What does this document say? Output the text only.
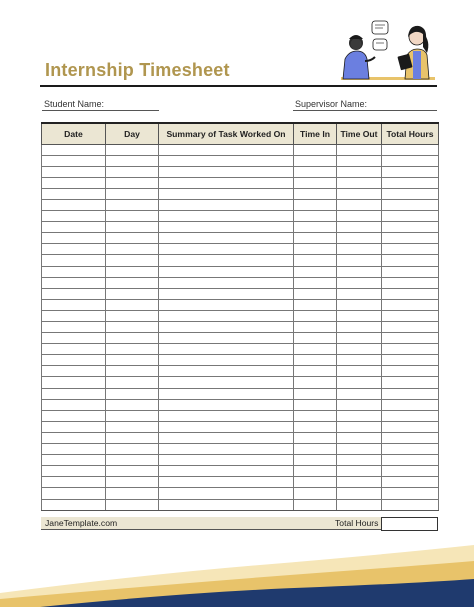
Internship Timesheet
Student Name:	Supervisor Name:
Date	Day	Summary of Task Worked On	Time In	Time Out	Total Hours

JaneTemplate.com	Total Hours
